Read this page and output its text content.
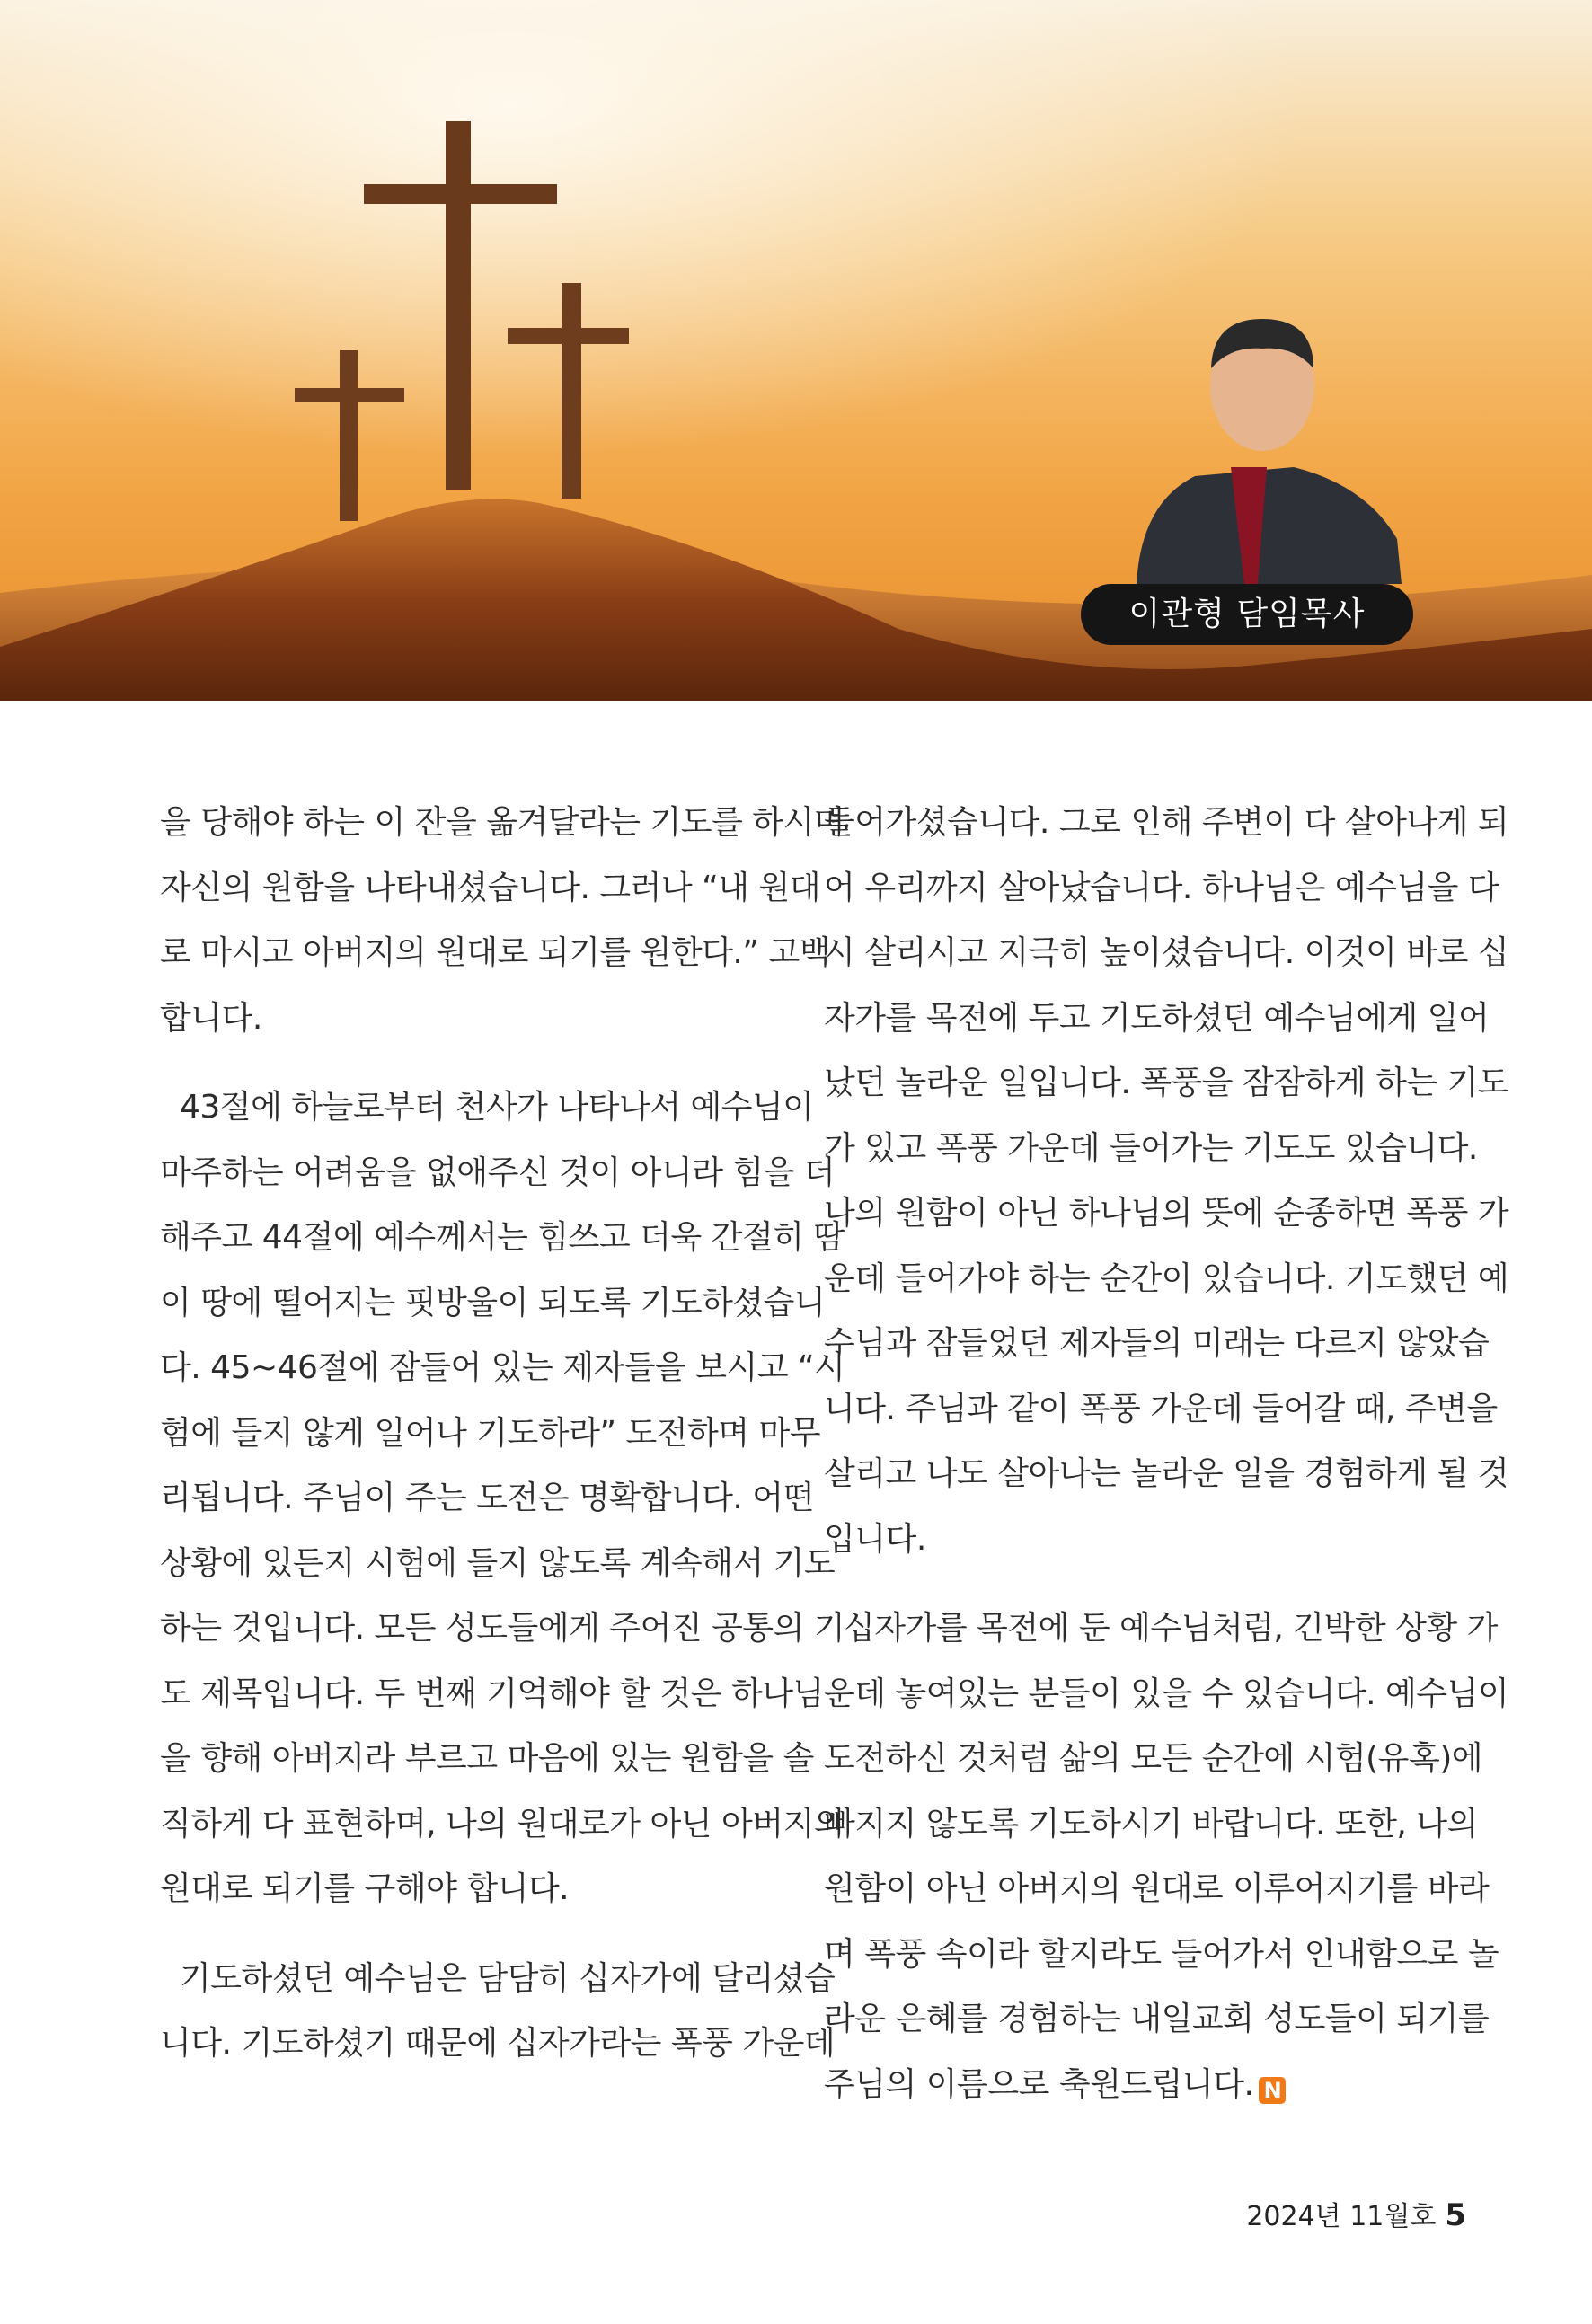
이관형 담임목사

을 당해야 하는 이 잔을 옮겨달라는 기도를 하시며
자신의 원함을 나타내셨습니다. 그러나 “내 원대
로 마시고 아버지의 원대로 되기를 원한다.” 고백
합니다.

43절에 하늘로부터 천사가 나타나서 예수님이
마주하는 어려움을 없애주신 것이 아니라 힘을 더
해주고 44절에 예수께서는 힘쓰고 더욱 간절히 땀
이 땅에 떨어지는 핏방울이 되도록 기도하셨습니
다. 45~46절에 잠들어 있는 제자들을 보시고 “시
험에 들지 않게 일어나 기도하라” 도전하며 마무
리됩니다. 주님이 주는 도전은 명확합니다. 어떤
상황에 있든지 시험에 들지 않도록 계속해서 기도
하는 것입니다. 모든 성도들에게 주어진 공통의 기
도 제목입니다. 두 번째 기억해야 할 것은 하나님
을 향해 아버지라 부르고 마음에 있는 원함을 솔
직하게 다 표현하며, 나의 원대로가 아닌 아버지의
원대로 되기를 구해야 합니다.

기도하셨던 예수님은 담담히 십자가에 달리셨습
니다. 기도하셨기 때문에 십자가라는 폭풍 가운데

들어가셨습니다. 그로 인해 주변이 다 살아나게 되
어 우리까지 살아났습니다. 하나님은 예수님을 다
시 살리시고 지극히 높이셨습니다. 이것이 바로 십
자가를 목전에 두고 기도하셨던 예수님에게 일어
났던 놀라운 일입니다. 폭풍을 잠잠하게 하는 기도
가 있고 폭풍 가운데 들어가는 기도도 있습니다.
나의 원함이 아닌 하나님의 뜻에 순종하면 폭풍 가
운데 들어가야 하는 순간이 있습니다. 기도했던 예
수님과 잠들었던 제자들의 미래는 다르지 않았습
니다. 주님과 같이 폭풍 가운데 들어갈 때, 주변을
살리고 나도 살아나는 놀라운 일을 경험하게 될 것
입니다.

십자가를 목전에 둔 예수님처럼, 긴박한 상황 가
운데 놓여있는 분들이 있을 수 있습니다. 예수님이
도전하신 것처럼 삶의 모든 순간에 시험(유혹)에
빠지지 않도록 기도하시기 바랍니다. 또한, 나의
원함이 아닌 아버지의 원대로 이루어지기를 바라
며 폭풍 속이라 할지라도 들어가서 인내함으로 놀
라운 은혜를 경험하는 내일교회 성도들이 되기를
주님의 이름으로 축원드립니다. N

2024년 11월호 5
